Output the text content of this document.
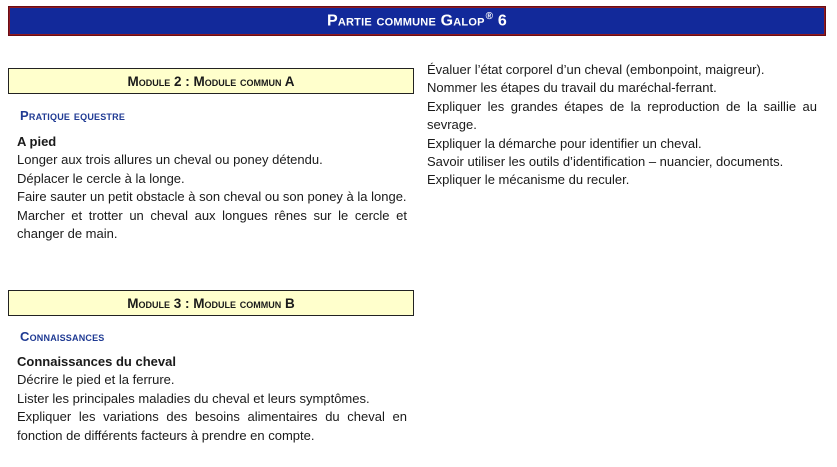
Partie commune Galop® 6
Module 2 : Module commun A
Pratique equestre
A pied
Longer aux trois allures un cheval ou poney détendu.
Déplacer le cercle à la longe.
Faire sauter un petit obstacle à son cheval ou son poney à la longe.
Marcher et trotter un cheval aux longues rênes sur le cercle et changer de main.
Module 3 : Module commun B
Connaissances
Connaissances du cheval
Décrire le pied et la ferrure.
Lister les principales maladies du cheval et leurs symptômes.
Expliquer les variations des besoins alimentaires du cheval en fonction de différents facteurs à prendre en compte.
Évaluer l’état corporel d’un cheval (embonpoint, maigreur).
Nommer les étapes du travail du maréchal-ferrant.
Expliquer les grandes étapes de la reproduction de la saillie au sevrage.
Expliquer la démarche pour identifier un cheval.
Savoir utiliser les outils d’identification – nuancier, documents.
Expliquer le mécanisme du reculer.
